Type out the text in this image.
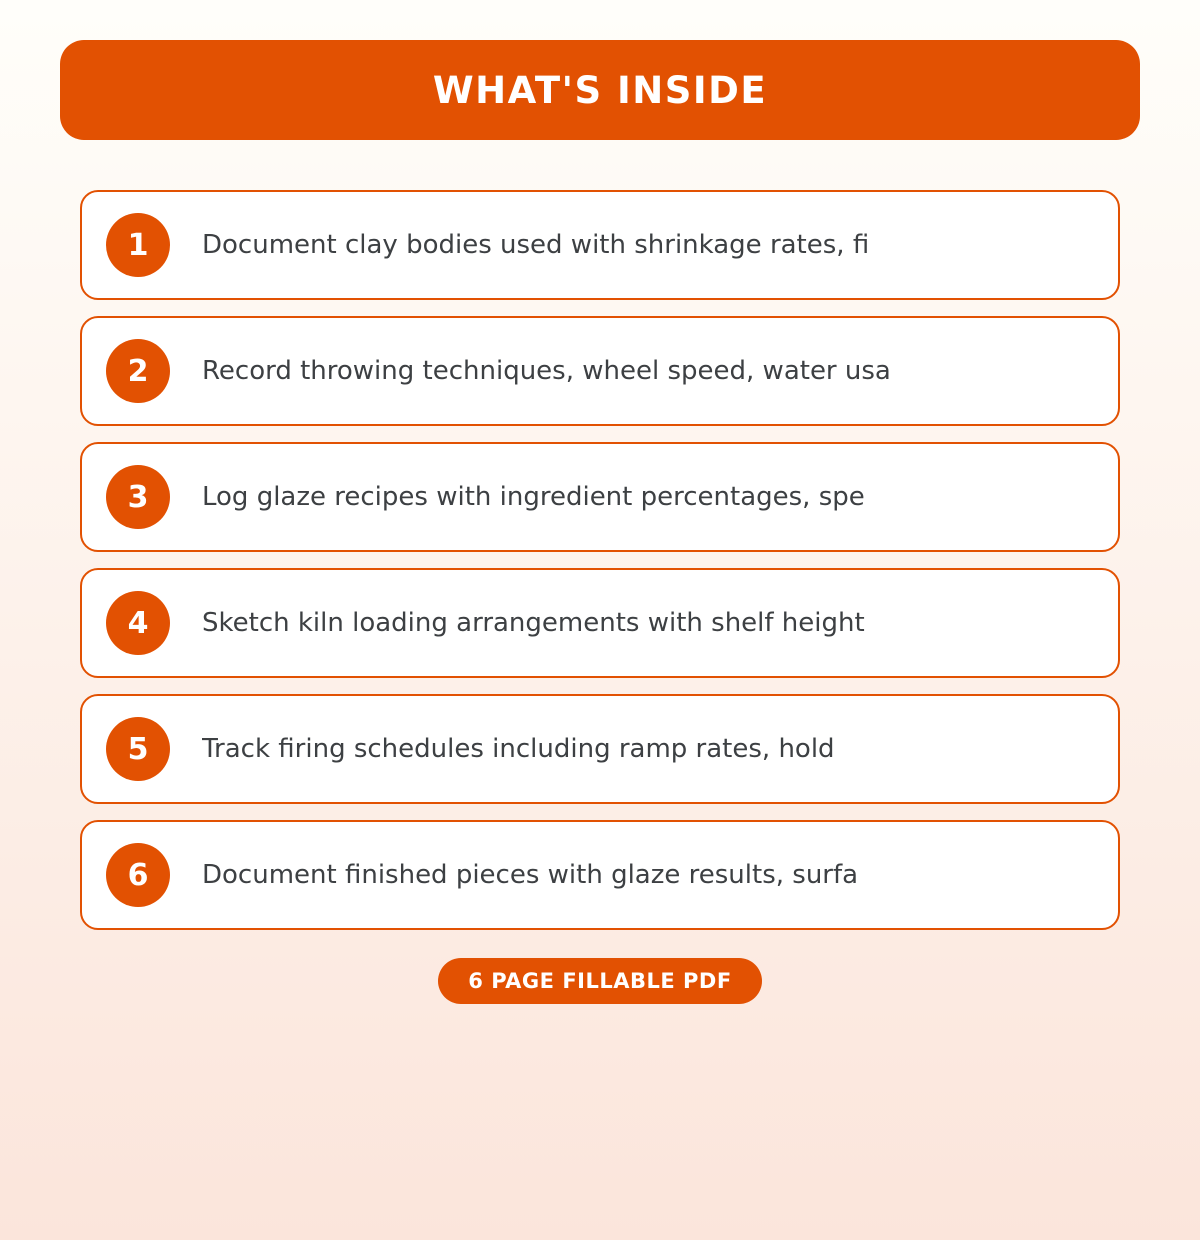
WHAT'S INSIDE
1	Document clay bodies used with shrinkage rates, fi
2	Record throwing techniques, wheel speed, water usa
3	Log glaze recipes with ingredient percentages, spe
4	Sketch kiln loading arrangements with shelf height
5	Track firing schedules including ramp rates, hold
6	Document finished pieces with glaze results, surfa
6 PAGE FILLABLE PDF
